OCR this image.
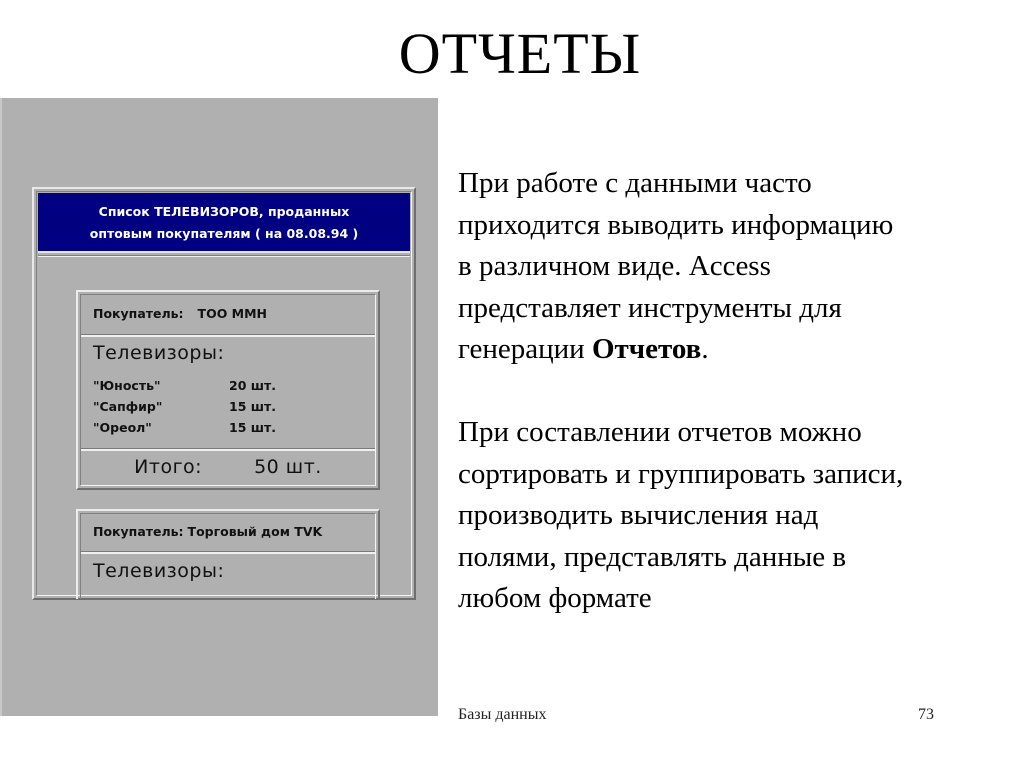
ОТЧЕТЫ
Список ТЕЛЕВИЗОРОВ, проданных
оптовым покупателям ( на 08.08.94 )
Покупатель: ТОО ММН
Телевизоры:
"Юность"	20 шт.
"Сапфир"	15 шт.
"Ореол"	15 шт.
Итого:	50 шт.
Покупатель: Торговый дом TVK
Телевизоры:
При работе с данными часто
приходится выводить информацию
в различном виде. Access
представляет инструменты для
генерации Отчетов.
При составлении отчетов можно
сортировать и группировать записи,
производить вычисления над
полями, представлять данные в
любом формате
Базы данных	73
